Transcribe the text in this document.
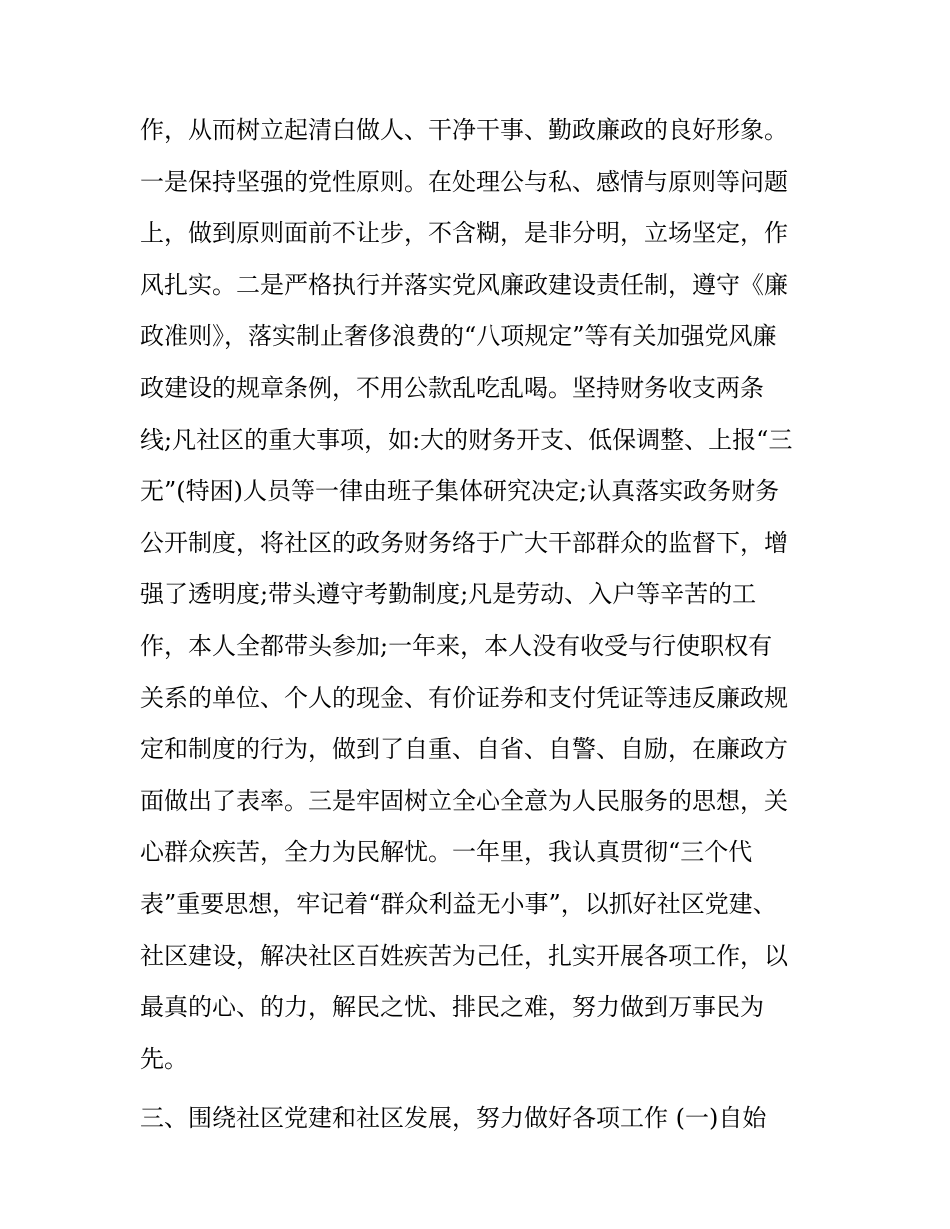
作，从而树立起清白做人、干净干事、勤政廉政的良好形象。
一是保持坚强的党性原则。在处理公与私、感情与原则等问题
上，做到原则面前不让步，不含糊，是非分明，立场坚定，作
风扎实。二是严格执行并落实党风廉政建设责任制，遵守《廉
政准则》，落实制止奢侈浪费的“八项规定”等有关加强党风廉
政建设的规章条例，不用公款乱吃乱喝。坚持财务收支两条
线;凡社区的重大事项，如:大的财务开支、低保调整、上报“三
无”(特困)人员等一律由班子集体研究决定;认真落实政务财务
公开制度，将社区的政务财务络于广大干部群众的监督下，增
强了透明度;带头遵守考勤制度;凡是劳动、入户等辛苦的工
作，本人全都带头参加;一年来，本人没有收受与行使职权有
关系的单位、个人的现金、有价证券和支付凭证等违反廉政规
定和制度的行为，做到了自重、自省、自警、自励，在廉政方
面做出了表率。三是牢固树立全心全意为人民服务的思想，关
心群众疾苦，全力为民解忧。一年里，我认真贯彻“三个代
表”重要思想，牢记着“群众利益无小事”，以抓好社区党建、
社区建设，解决社区百姓疾苦为己任，扎实开展各项工作，以
最真的心、的力，解民之忧、排民之难，努力做到万事民为
先。
三、围绕社区党建和社区发展，努力做好各项工作 (一)自始
